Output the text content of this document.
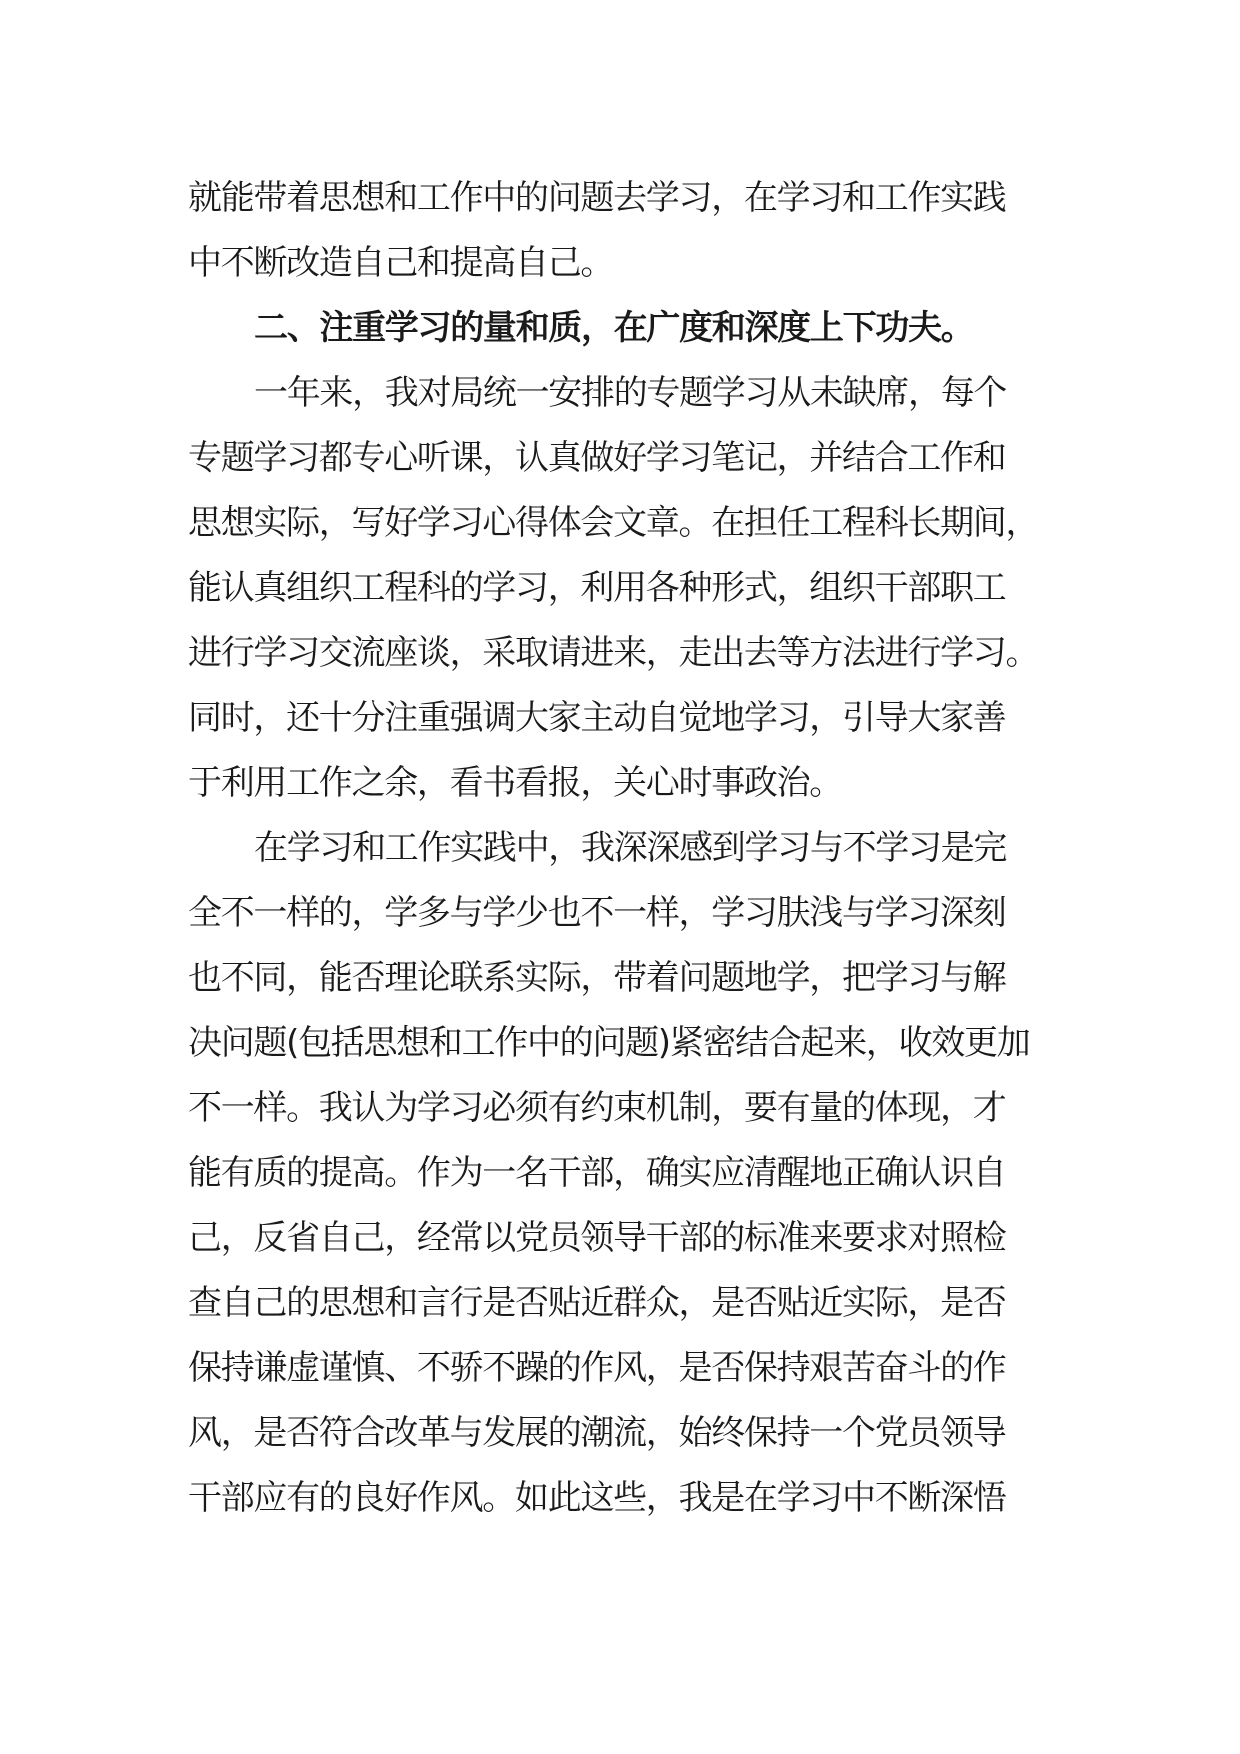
就能带着思想和工作中的问题去学习，在学习和工作实践
中不断改造自己和提高自己。
二、注重学习的量和质，在广度和深度上下功夫。
一年来，我对局统一安排的专题学习从未缺席，每个
专题学习都专心听课，认真做好学习笔记，并结合工作和
思想实际，写好学习心得体会文章。在担任工程科长期间，
能认真组织工程科的学习，利用各种形式，组织干部职工
进行学习交流座谈，采取请进来，走出去等方法进行学习。
同时，还十分注重强调大家主动自觉地学习，引导大家善
于利用工作之余，看书看报，关心时事政治。
在学习和工作实践中，我深深感到学习与不学习是完
全不一样的，学多与学少也不一样，学习肤浅与学习深刻
也不同，能否理论联系实际，带着问题地学，把学习与解
决问题(包括思想和工作中的问题)紧密结合起来，收效更加
不一样。我认为学习必须有约束机制，要有量的体现，才
能有质的提高。作为一名干部，确实应清醒地正确认识自
己，反省自己，经常以党员领导干部的标准来要求对照检
查自己的思想和言行是否贴近群众，是否贴近实际，是否
保持谦虚谨慎、不骄不躁的作风，是否保持艰苦奋斗的作
风，是否符合改革与发展的潮流，始终保持一个党员领导
干部应有的良好作风。如此这些，我是在学习中不断深悟
